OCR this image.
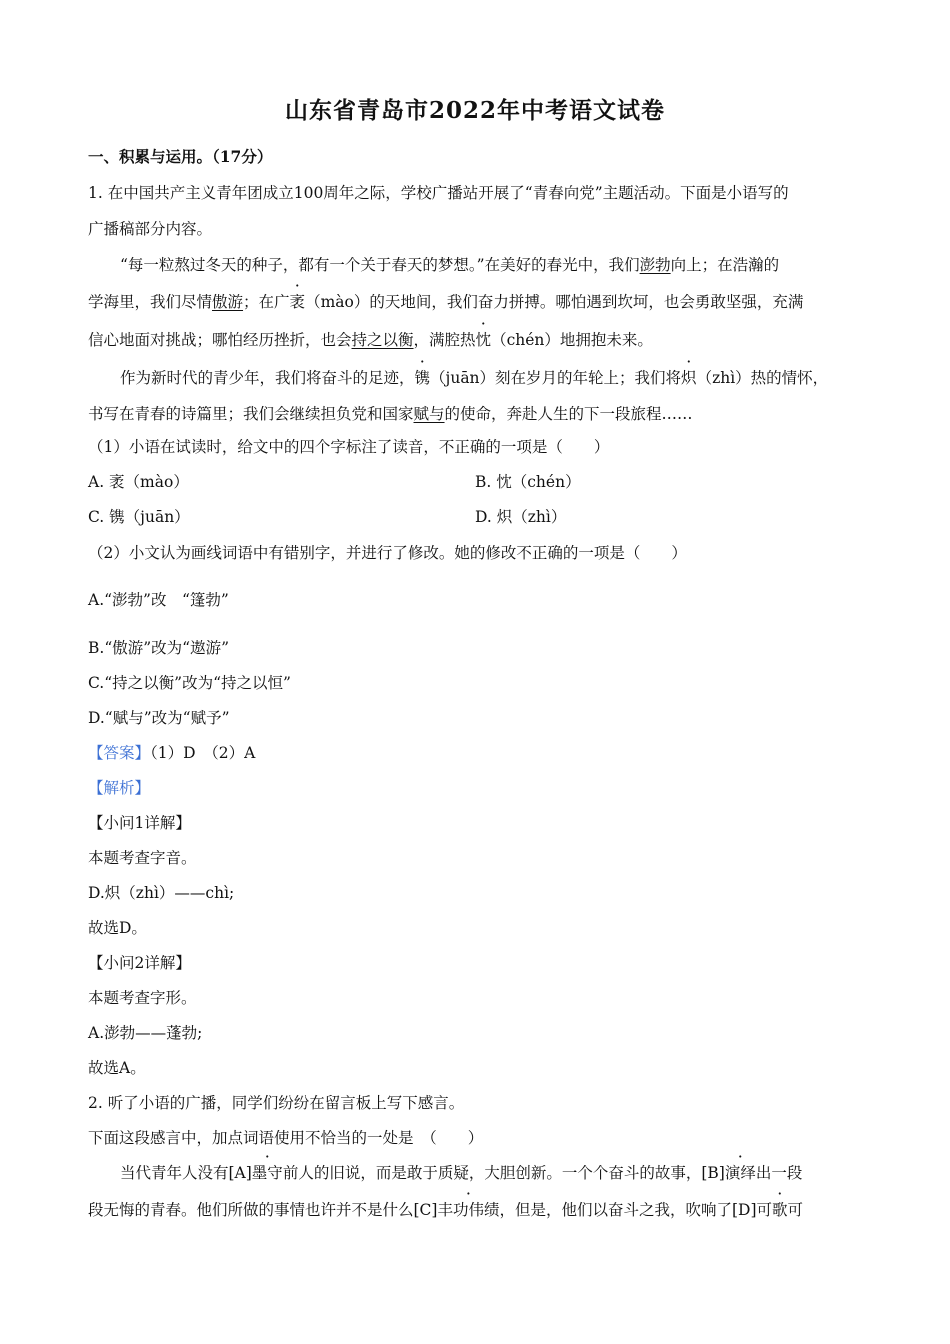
山东省青岛市2022年中考语文试卷
一、积累与运用。（17分）
1. 在中国共产主义青年团成立100周年之际，学校广播站开展了“青春向党”主题活动。下面是小语写的
广播稿部分内容。
“每一粒熬过冬天的种子，都有一个关于春天的梦想。”在美好的春光中，我们澎勃向上；在浩瀚的
学海里，我们尽情傲游；在广袤（mào）的天地间，我们奋力拼搏。哪怕遇到坎坷，也会勇敢坚强，充满
信心地面对挑战；哪怕经历挫折，也会持之以衡，满腔热忱（chén）地拥抱未来。
作为新时代的青少年，我们将奋斗的足迹，镌（juān）刻在岁月的年轮上；我们将炽（zhì）热的情怀，
书写在青春的诗篇里；我们会继续担负党和国家赋与的使命，奔赴人生的下一段旅程……
（1）小语在试读时，给文中的四个字标注了读音，不正确的一项是（　　）
A. 袤（mào）	B. 忱（chén）
C. 镌（juān）	D. 炽（zhì）
（2）小文认为画线词语中有错别字，并进行了修改。她的修改不正确的一项是（　　）
A.“澎勃”改　“篷勃”
B.“傲游”改为“遨游”
C.“持之以衡”改为“持之以恒”
D.“赋与”改为“赋予”
【答案】（1）D　（2）A
【解析】
【小问1详解】
本题考查字音。
D.炽（zhì）——chì;
故选D。
【小问2详解】
本题考查字形。
A.澎勃——蓬勃;
故选A。
2. 听了小语的广播，同学们纷纷在留言板上写下感言。
下面这段感言中，加点词语使用不恰当的一处是　（　　）
当代青年人没有[A]墨守前人的旧说，而是敢于质疑，大胆创新。一个个奋斗的故事，[B]演绎出一段
段无悔的青春。他们所做的事情也许并不是什么[C]丰功伟绩，但是，他们以奋斗之我，吹响了[D]可歌可
